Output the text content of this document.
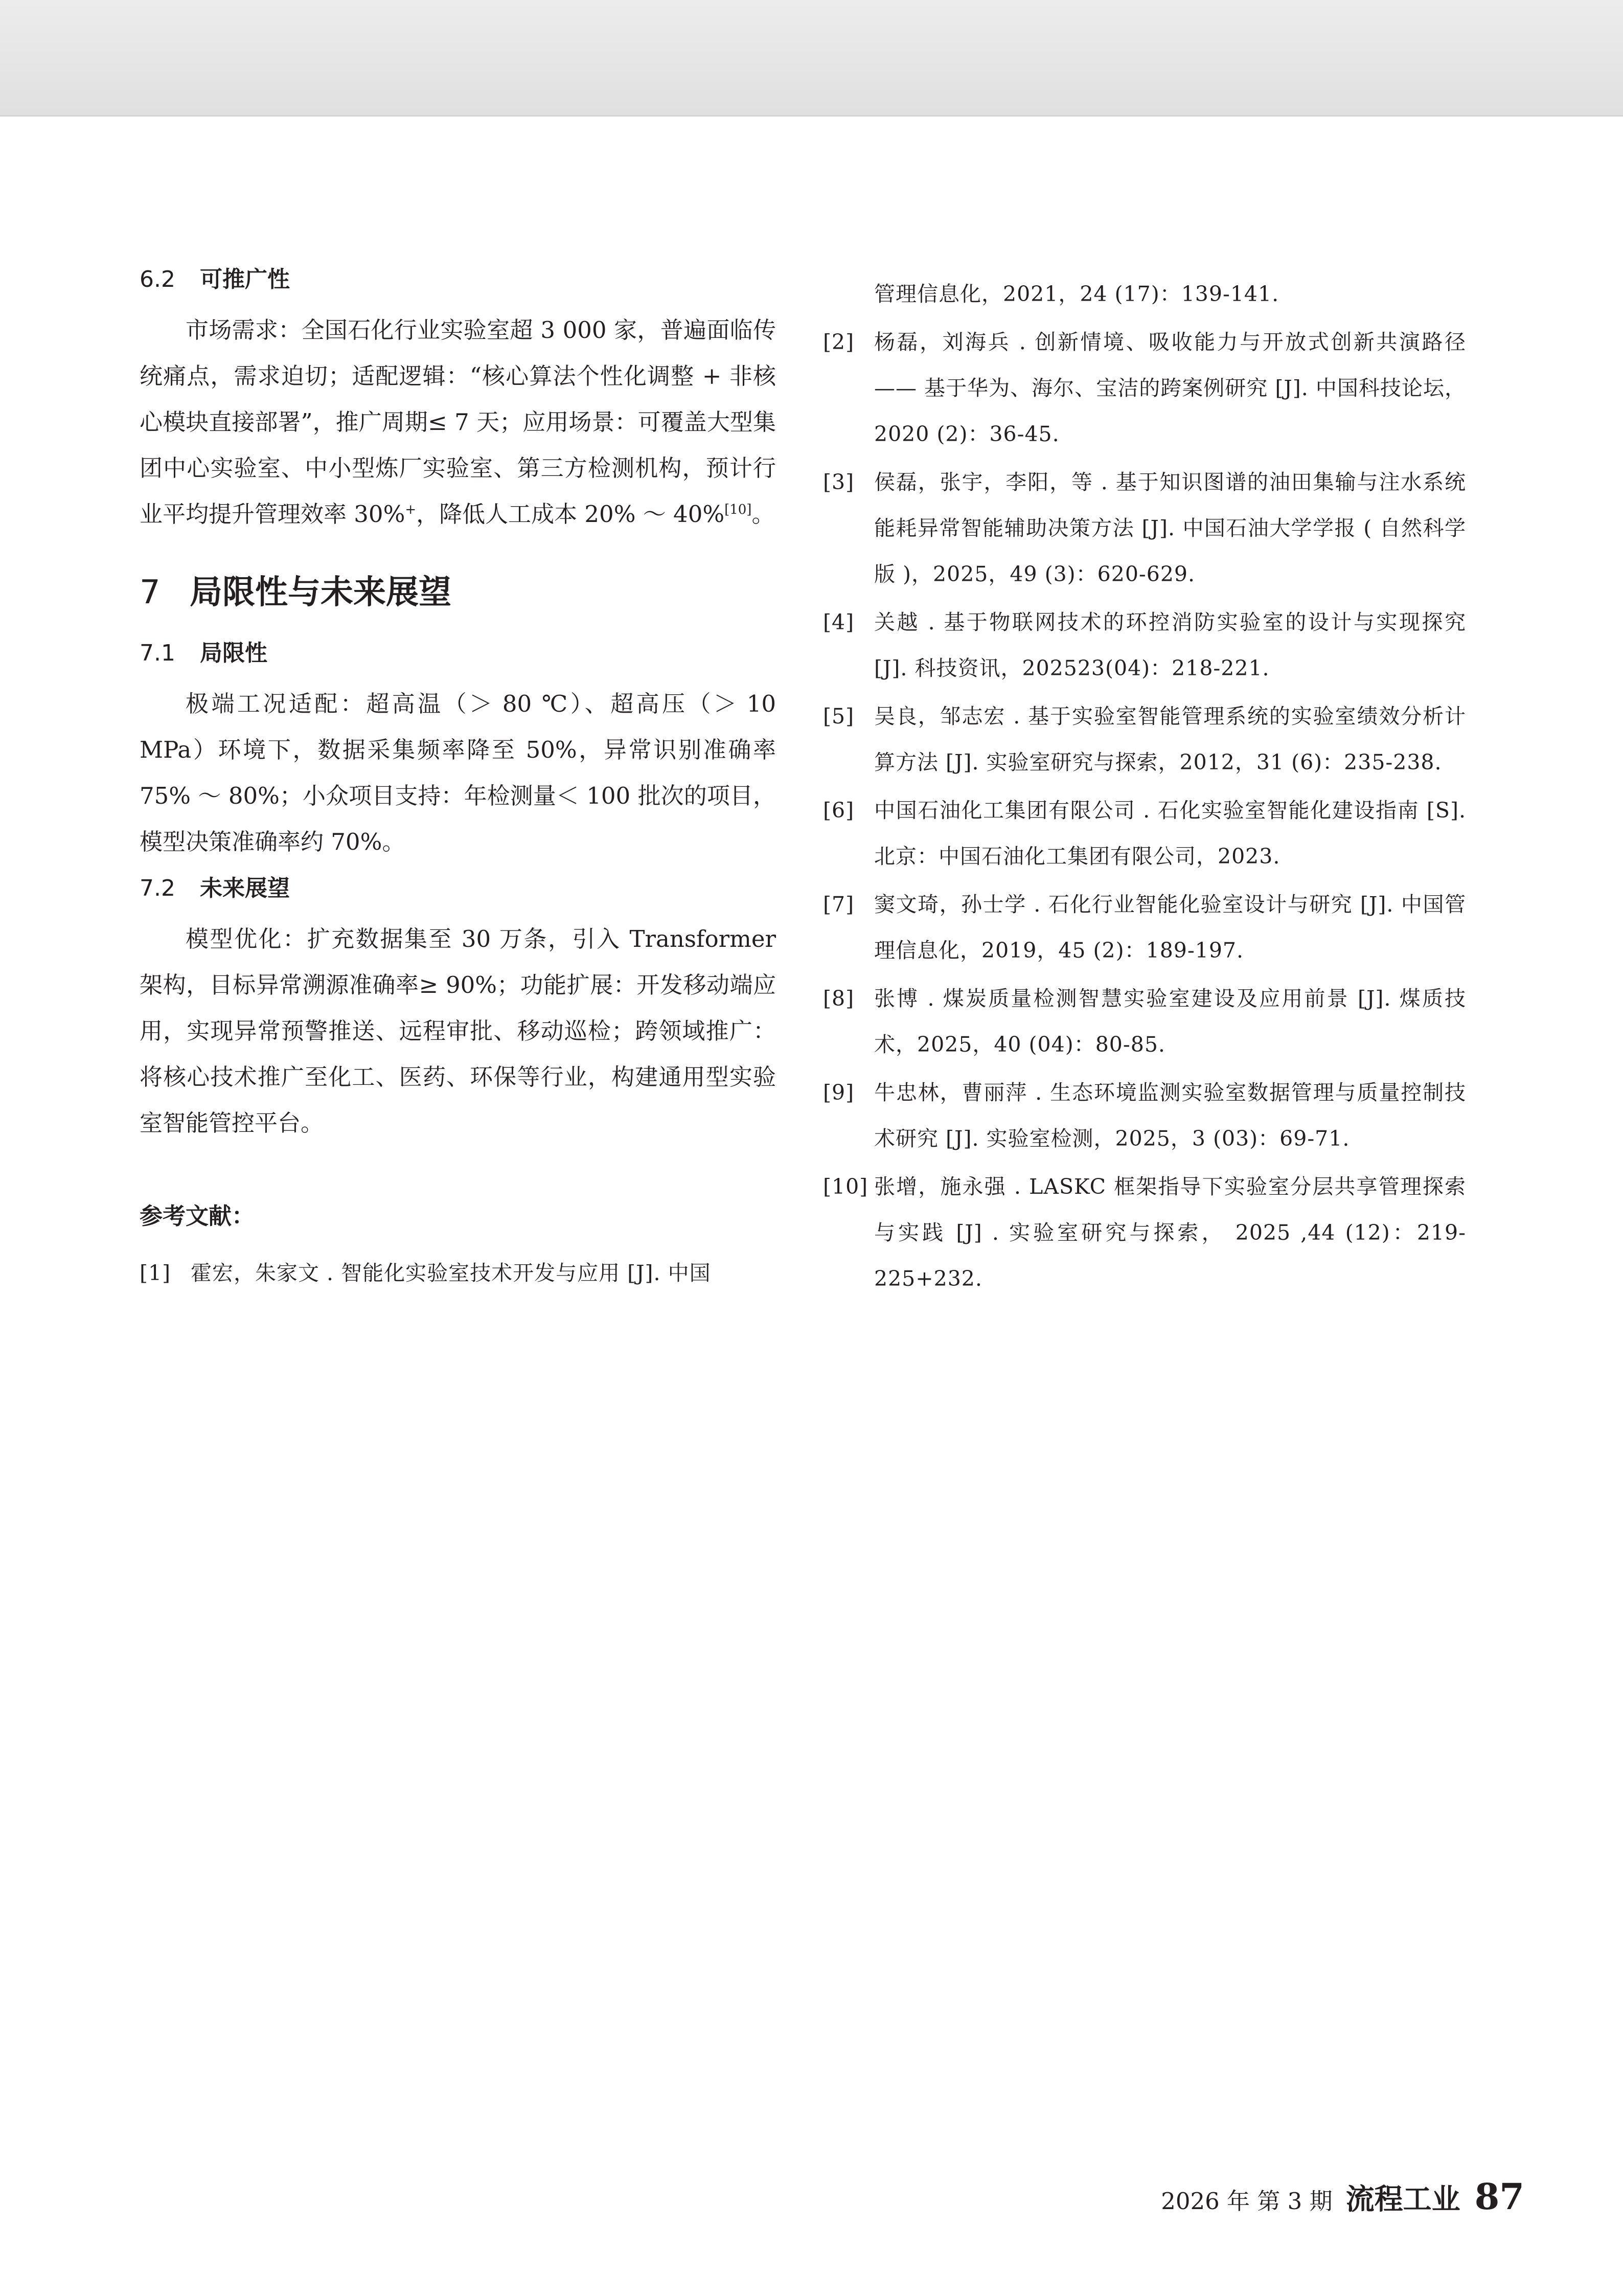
6.2 可推广性

市场需求：全国石化行业实验室超 3 000 家，普遍面临传统痛点，需求迫切；适配逻辑：“核心算法个性化调整 + 非核心模块直接部署”，推广周期≤ 7 天；应用场景：可覆盖大型集团中心实验室、中小型炼厂实验室、第三方检测机构，预计行业平均提升管理效率 30%+，降低人工成本 20% ～ 40%[10]。

7 局限性与未来展望
7.1 局限性

极端工况适配：超高温（＞ 80 ℃）、超高压（＞ 10 MPa）环境下，数据采集频率降至 50%，异常识别准确率 75% ～ 80%；小众项目支持：年检测量＜ 100 批次的项目，模型决策准确率约 70%。

7.2 未来展望

模型优化：扩充数据集至 30 万条，引入 Transformer 架构，目标异常溯源准确率≥ 90%；功能扩展：开发移动端应用，实现异常预警推送、远程审批、移动巡检；跨领域推广：将核心技术推广至化工、医药、环保等行业，构建通用型实验室智能管控平台。

参考文献：
[1] 霍宏，朱家文 . 智能化实验室技术开发与应用 [J]. 中国
管理信息化，2021，24 (17)：139-141.
[2] 杨磊，刘海兵 . 创新情境、吸收能力与开放式创新共演路径 —— 基于华为、海尔、宝洁的跨案例研究 [J]. 中国科技论坛，2020 (2)：36-45.
[3] 侯磊，张宇，李阳，等 . 基于知识图谱的油田集输与注水系统能耗异常智能辅助决策方法 [J]. 中国石油大学学报 ( 自然科学版 )，2025，49 (3)：620-629.
[4] 关越 . 基于物联网技术的环控消防实验室的设计与实现探究 [J]. 科技资讯，202523(04)：218-221.
[5] 吴良，邹志宏 . 基于实验室智能管理系统的实验室绩效分析计算方法 [J]. 实验室研究与探索，2012，31 (6)：235-238.
[6] 中国石油化工集团有限公司 . 石化实验室智能化建设指南 [S]. 北京：中国石油化工集团有限公司，2023.
[7] 窦文琦，孙士学 . 石化行业智能化验室设计与研究 [J]. 中国管理信息化，2019，45 (2)：189-197.
[8] 张博 . 煤炭质量检测智慧实验室建设及应用前景 [J]. 煤质技术，2025，40 (04)：80-85.
[9] 牛忠林，曹丽萍 . 生态环境监测实验室数据管理与质量控制技术研究 [J]. 实验室检测，2025，3 (03)：69-71.
[10] 张增，施永强 . LASKC 框架指导下实验室分层共享管理探索与实践 [J] . 实验室研究与探索， 2025 ,44 (12)：219-225+232.
2026 年 第 3 期 流程工业 87
